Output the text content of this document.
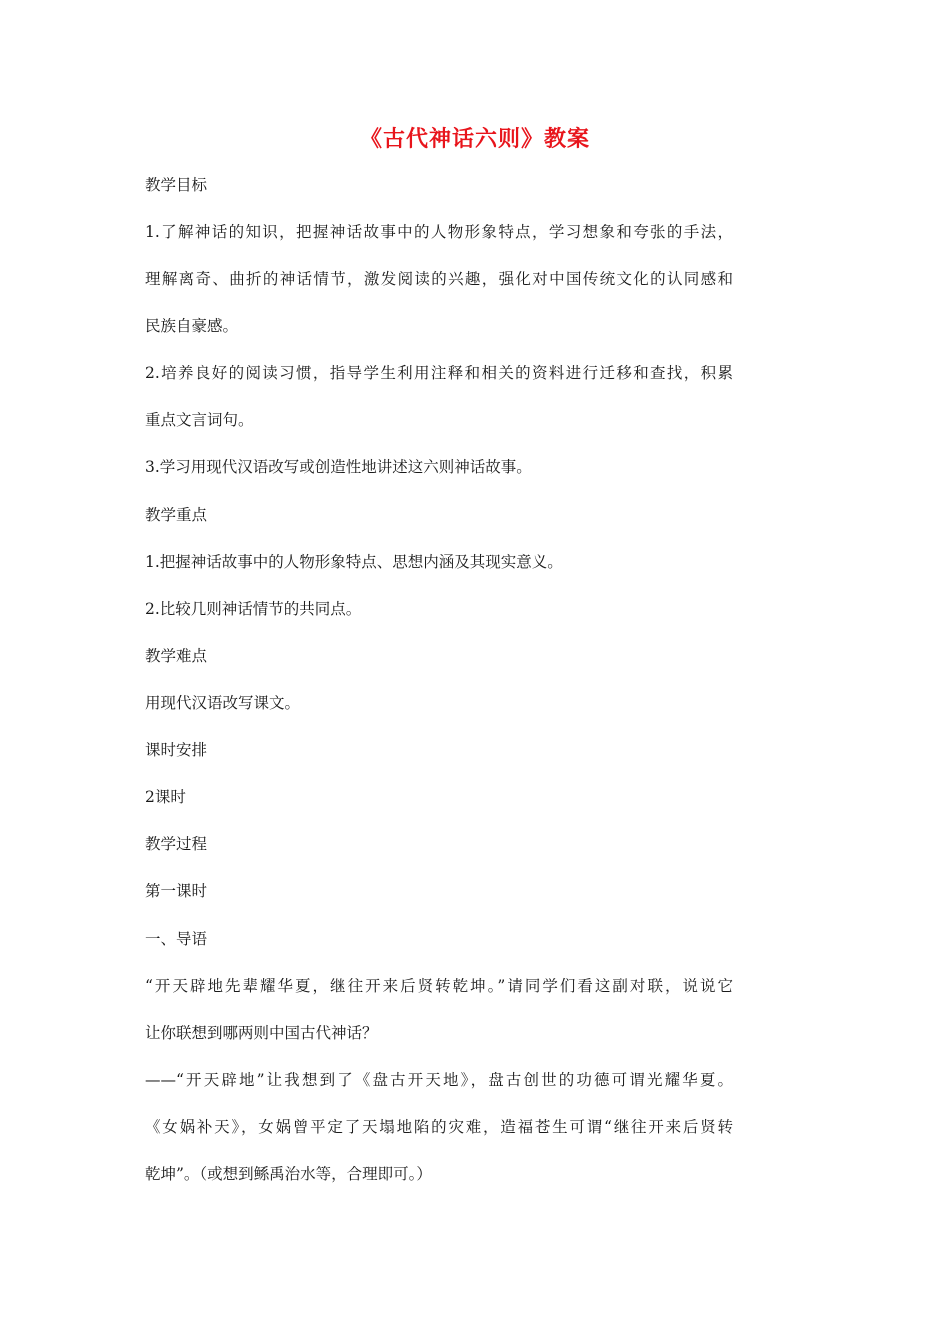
《古代神话六则》教案
教学目标
1.了解神话的知识，把握神话故事中的人物形象特点，学习想象和夸张的手法，
理解离奇、曲折的神话情节，激发阅读的兴趣，强化对中国传统文化的认同感和
民族自豪感。
2.培养良好的阅读习惯，指导学生利用注释和相关的资料进行迁移和查找，积累
重点文言词句。
3.学习用现代汉语改写或创造性地讲述这六则神话故事。
教学重点
1.把握神话故事中的人物形象特点、思想内涵及其现实意义。
2.比较几则神话情节的共同点。
教学难点
用现代汉语改写课文。
课时安排
2课时
教学过程
第一课时
一、导语
“开天辟地先辈耀华夏，继往开来后贤转乾坤。”请同学们看这副对联，说说它
让你联想到哪两则中国古代神话？
——“开天辟地”让我想到了《盘古开天地》，盘古创世的功德可谓光耀华夏。
《女娲补天》，女娲曾平定了天塌地陷的灾难，造福苍生可谓“继往开来后贤转
乾坤”。（或想到鲧禹治水等，合理即可。）
